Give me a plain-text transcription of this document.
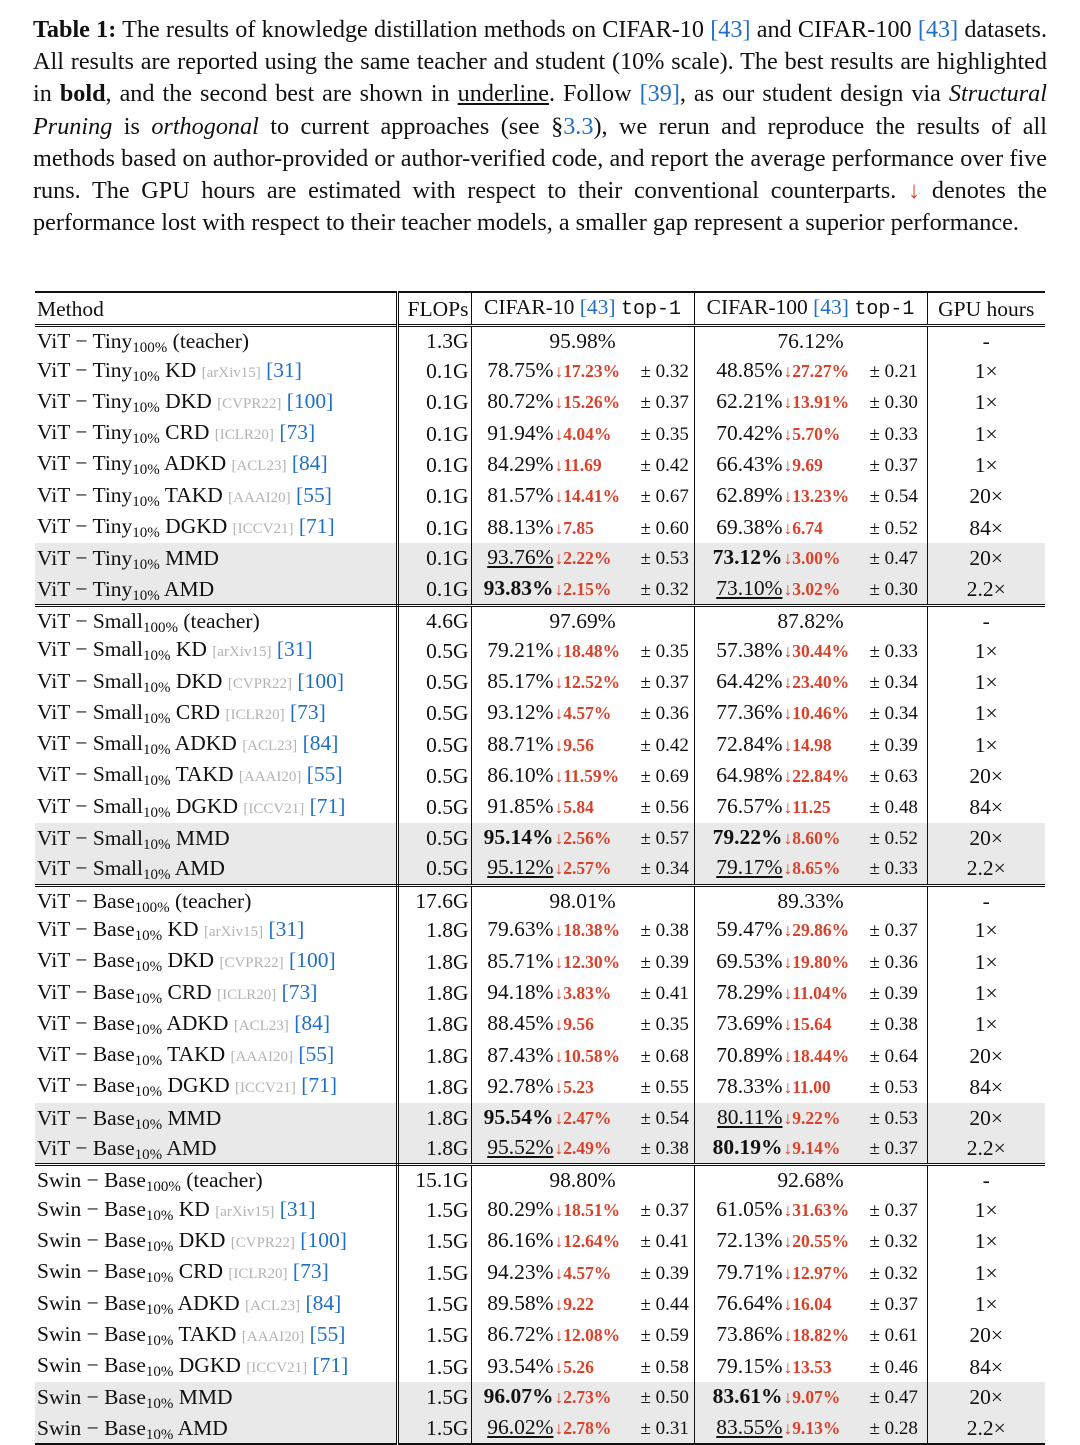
Table 1: The results of knowledge distillation methods on CIFAR-10 [43] and CIFAR-100 [43] datasets. All results are reported using the same teacher and student (10% scale). The best results are highlighted in bold, and the second best are shown in underline. Follow [39], as our student design via Structural Pruning is orthogonal to current approaches (see §3.3), we rerun and reproduce the results of all methods based on author-provided or author-verified code, and report the average performance over five runs. The GPU hours are estimated with respect to their conventional counterparts. ↓ denotes the performance lost with respect to their teacher models, a smaller gap represent a superior performance.

Method	FLOPs	CIFAR-10 [43] top-1	CIFAR-100 [43] top-1	GPU hours
ViT − Tiny$_{100\%}$ (teacher)	1.3G	95.98%	76.12%	-
ViT − Tiny$_{10\%}$ KD [arXiv15] [31]	0.1G	78.75% ↓17.23% ± 0.32	48.85% ↓27.27% ± 0.21	1×
ViT − Tiny$_{10\%}$ DKD [CVPR22] [100]	0.1G	80.72% ↓15.26% ± 0.37	62.21% ↓13.91% ± 0.30	1×
ViT − Tiny$_{10\%}$ CRD [ICLR20] [73]	0.1G	91.94% ↓4.04% ± 0.35	70.42% ↓5.70% ± 0.33	1×
ViT − Tiny$_{10\%}$ ADKD [ACL23] [84]	0.1G	84.29% ↓11.69 ± 0.42	66.43% ↓9.69 ± 0.37	1×
ViT − Tiny$_{10\%}$ TAKD [AAAI20] [55]	0.1G	81.57% ↓14.41% ± 0.67	62.89% ↓13.23% ± 0.54	20×
ViT − Tiny$_{10\%}$ DGKD [ICCV21] [71]	0.1G	88.13% ↓7.85 ± 0.60	69.38% ↓6.74 ± 0.52	84×
ViT − Tiny$_{10\%}$ MMD	0.1G	93.76% ↓2.22% ± 0.53	73.12% ↓3.00% ± 0.47	20×
ViT − Tiny$_{10\%}$ AMD	0.1G	93.83% ↓2.15% ± 0.32	73.10% ↓3.02% ± 0.30	2.2×
ViT − Small$_{100\%}$ (teacher)	4.6G	97.69%	87.82%	-
ViT − Small$_{10\%}$ KD [arXiv15] [31]	0.5G	79.21% ↓18.48% ± 0.35	57.38% ↓30.44% ± 0.33	1×
ViT − Small$_{10\%}$ DKD [CVPR22] [100]	0.5G	85.17% ↓12.52% ± 0.37	64.42% ↓23.40% ± 0.34	1×
ViT − Small$_{10\%}$ CRD [ICLR20] [73]	0.5G	93.12% ↓4.57% ± 0.36	77.36% ↓10.46% ± 0.34	1×
ViT − Small$_{10\%}$ ADKD [ACL23] [84]	0.5G	88.71% ↓9.56 ± 0.42	72.84% ↓14.98 ± 0.39	1×
ViT − Small$_{10\%}$ TAKD [AAAI20] [55]	0.5G	86.10% ↓11.59% ± 0.69	64.98% ↓22.84% ± 0.63	20×
ViT − Small$_{10\%}$ DGKD [ICCV21] [71]	0.5G	91.85% ↓5.84 ± 0.56	76.57% ↓11.25 ± 0.48	84×
ViT − Small$_{10\%}$ MMD	0.5G	95.14% ↓2.56% ± 0.57	79.22% ↓8.60% ± 0.52	20×
ViT − Small$_{10\%}$ AMD	0.5G	95.12% ↓2.57% ± 0.34	79.17% ↓8.65% ± 0.33	2.2×
ViT − Base$_{100\%}$ (teacher)	17.6G	98.01%	89.33%	-
ViT − Base$_{10\%}$ KD [arXiv15] [31]	1.8G	79.63% ↓18.38% ± 0.38	59.47% ↓29.86% ± 0.37	1×
ViT − Base$_{10\%}$ DKD [CVPR22] [100]	1.8G	85.71% ↓12.30% ± 0.39	69.53% ↓19.80% ± 0.36	1×
ViT − Base$_{10\%}$ CRD [ICLR20] [73]	1.8G	94.18% ↓3.83% ± 0.41	78.29% ↓11.04% ± 0.39	1×
ViT − Base$_{10\%}$ ADKD [ACL23] [84]	1.8G	88.45% ↓9.56 ± 0.35	73.69% ↓15.64 ± 0.38	1×
ViT − Base$_{10\%}$ TAKD [AAAI20] [55]	1.8G	87.43% ↓10.58% ± 0.68	70.89% ↓18.44% ± 0.64	20×
ViT − Base$_{10\%}$ DGKD [ICCV21] [71]	1.8G	92.78% ↓5.23 ± 0.55	78.33% ↓11.00 ± 0.53	84×
ViT − Base$_{10\%}$ MMD	1.8G	95.54% ↓2.47% ± 0.54	80.11% ↓9.22% ± 0.53	20×
ViT − Base$_{10\%}$ AMD	1.8G	95.52% ↓2.49% ± 0.38	80.19% ↓9.14% ± 0.37	2.2×
Swin − Base$_{100\%}$ (teacher)	15.1G	98.80%	92.68%	-
Swin − Base$_{10\%}$ KD [arXiv15] [31]	1.5G	80.29% ↓18.51% ± 0.37	61.05% ↓31.63% ± 0.37	1×
Swin − Base$_{10\%}$ DKD [CVPR22] [100]	1.5G	86.16% ↓12.64% ± 0.41	72.13% ↓20.55% ± 0.32	1×
Swin − Base$_{10\%}$ CRD [ICLR20] [73]	1.5G	94.23% ↓4.57% ± 0.39	79.71% ↓12.97% ± 0.32	1×
Swin − Base$_{10\%}$ ADKD [ACL23] [84]	1.5G	89.58% ↓9.22 ± 0.44	76.64% ↓16.04 ± 0.37	1×
Swin − Base$_{10\%}$ TAKD [AAAI20] [55]	1.5G	86.72% ↓12.08% ± 0.59	73.86% ↓18.82% ± 0.61	20×
Swin − Base$_{10\%}$ DGKD [ICCV21] [71]	1.5G	93.54% ↓5.26 ± 0.58	79.15% ↓13.53 ± 0.46	84×
Swin − Base$_{10\%}$ MMD	1.5G	96.07% ↓2.73% ± 0.50	83.61% ↓9.07% ± 0.47	20×
Swin − Base$_{10\%}$ AMD	1.5G	96.02% ↓2.78% ± 0.31	83.55% ↓9.13% ± 0.28	2.2×
